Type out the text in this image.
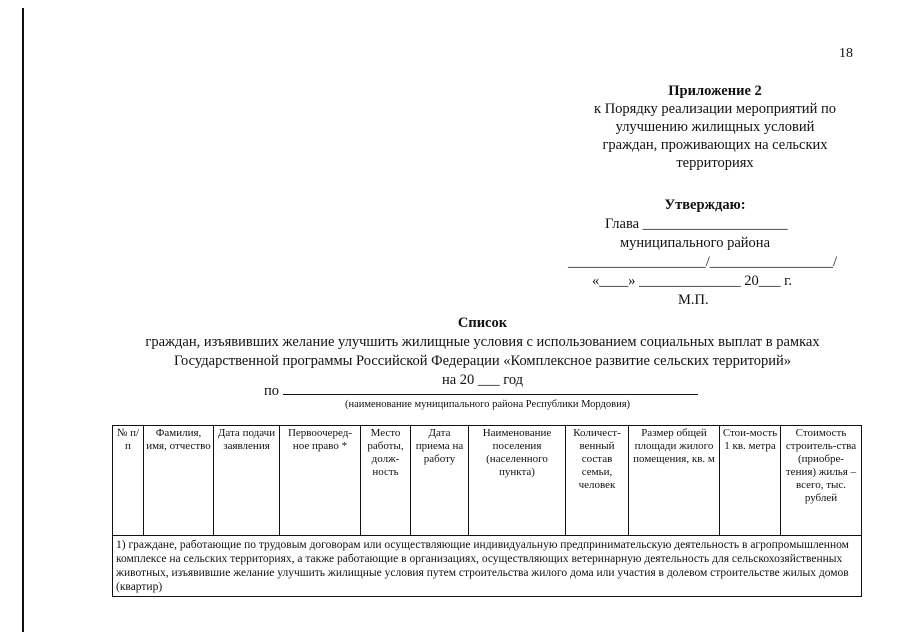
18
Приложение 2
к Порядку реализации мероприятий по
улучшению жилищных условий
граждан, проживающих на сельских
территориях
Утверждаю:
Глава ____________________
муниципального района
___________________/_________________/
«____» ______________ 20___ г.
М.П.
Список
граждан, изъявивших желание улучшить жилищные условия с использованием социальных выплат в рамках
Государственной программы Российской Федерации «Комплексное развитие сельских территорий»
на 20 ___ год
по
(наименование муниципального района Республики Мордовия)
№ п/п	Фамилия, имя, отчество	Дата подачи заявления	Первоочеред-ное право *	Место работы, долж-ность	Дата приема на работу	Наименование поселения (населенного пункта)	Количест-венный состав семьи, человек	Размер общей площади жилого помещения, кв. м	Стои-мость 1 кв. метра	Стоимость строитель-ства (приобре-тения) жилья – всего, тыс. рублей
1) граждане, работающие по трудовым договорам или осуществляющие индивидуальную предпринимательскую деятельность в агропромышленном комплексе на сельских территориях, а также работающие в организациях, осуществляющих ветеринарную деятельность для сельскохозяйственных животных, изъявившие желание улучшить жилищные условия путем строительства жилого дома или участия в долевом строительстве жилых домов (квартир)
